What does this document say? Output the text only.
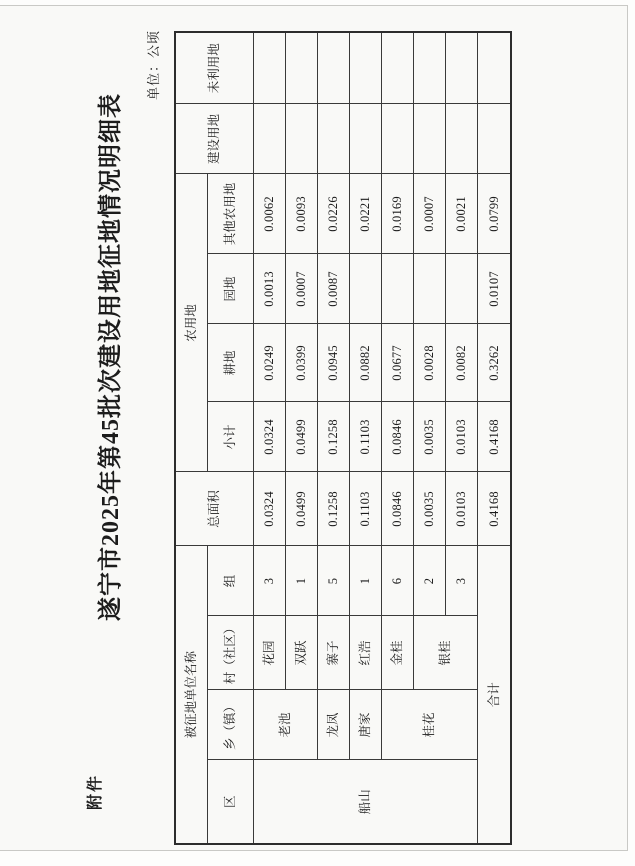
附件
遂宁市2025年第45批次建设用地征地情况明细表
单位：公顷
被征地单位名称				总面积	农用地				建设用地	未利用地
区	乡（镇）	村（社区）	组		小计	耕地	园地	其他农用地		
船山	老池	花园	3	0.0324	0.0324	0.0249	0.0013	0.0062		
		双跃	1	0.0499	0.0499	0.0399	0.0007	0.0093		
	龙凤	寨子	5	0.1258	0.1258	0.0945	0.0087	0.0226		
	唐家	红浩	1	0.1103	0.1103	0.0882		0.0221		
	桂花	金桂	6	0.0846	0.0846	0.0677		0.0169		
		银桂	2	0.0035	0.0035	0.0028		0.0007		
			3	0.0103	0.0103	0.0082		0.0021		
合计				0.4168	0.4168	0.3262	0.0107	0.0799		
